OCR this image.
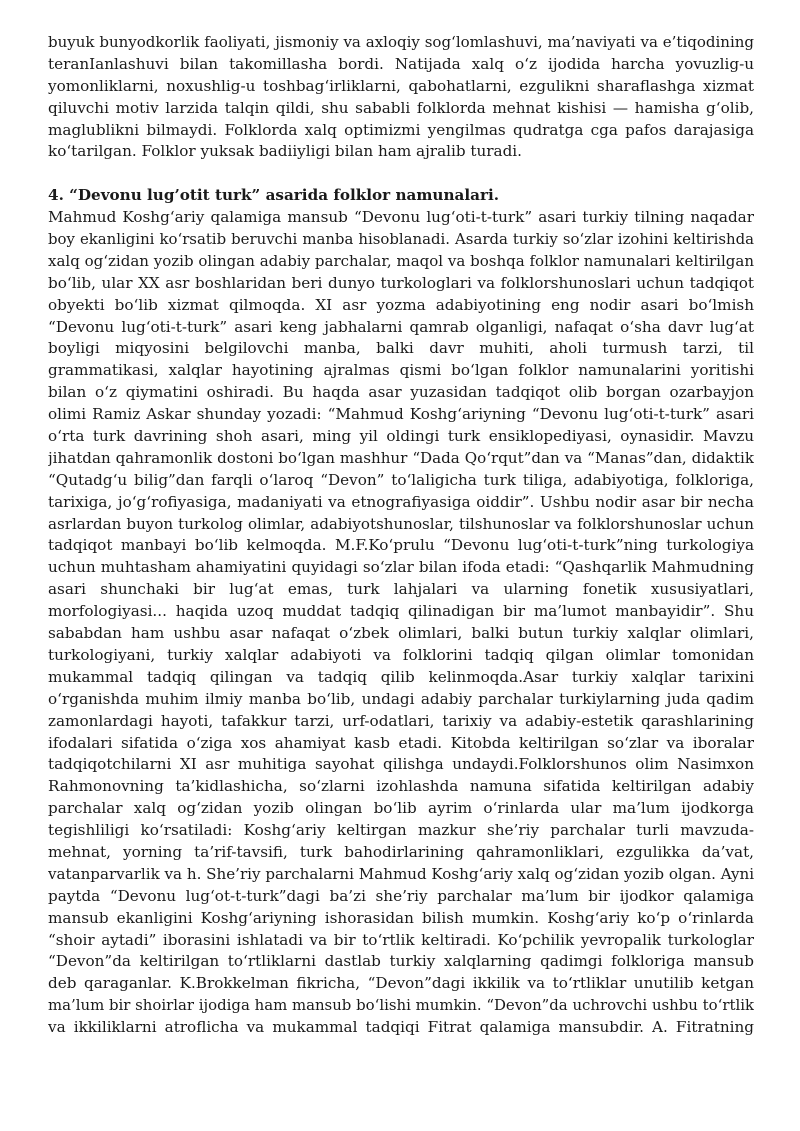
buyuk bunyodkorlik faoliyati, jismoniy va axloqiy sog‘lomlashuvi, ma’naviyati va e’tiqodining
teranIanlashuvi bilan takomillasha bordi. Natijada xalq o‘z ijodida harcha yovuzlig-u
yomonliklarni, noxushlig-u toshbag‘irliklarni, qabohatlarni, ezgulikni sharaflashga xizmat
qiluvchi motiv larzida talqin qildi, shu sababli folklorda mehnat kishisi — hamisha g‘olib,
maglublikni bilmaydi. Folklorda xalq optimizmi yengilmas qudratga cga pafos darajasiga
ko‘tarilgan. Folklor yuksak badiiyligi bilan ham ajralib turadi.
4. “Devonu lug’otit turk” asarida folklor namunalari.
Mahmud Koshg‘ariy qalamiga mansub “Devonu lug‘oti-t-turk” asari turkiy tilning naqadar
boy ekanligini ko‘rsatib beruvchi manba hisoblanadi. Asarda turkiy so‘zlar izohini keltirishda
xalq og‘zidan yozib olingan adabiy parchalar, maqol va boshqa folklor namunalari keltirilgan
bo‘lib, ular XX asr boshlaridan beri dunyo turkologlari va folklorshunoslari uchun tadqiqot
obyekti bo‘lib xizmat qilmoqda. XI asr yozma adabiyotining eng nodir asari bo‘lmish
“Devonu lug‘oti-t-turk” asari keng jabhalarni qamrab olganligi, nafaqat o‘sha davr lug‘at
boyligi miqyosini belgilovchi manba, balki davr muhiti, aholi turmush tarzi, til
grammatikasi, xalqlar hayotining ajralmas qismi bo‘lgan folklor namunalarini yoritishi
bilan o‘z qiymatini oshiradi. Bu haqda asar yuzasidan tadqiqot olib borgan ozarbayjon
olimi Ramiz Askar shunday yozadi: “Mahmud Koshg‘ariyning “Devonu lug‘oti-t-turk” asari
o‘rta turk davrining shoh asari, ming yil oldingi turk ensiklopediyasi, oynasidir. Mavzu
jihatdan qahramonlik dostoni bo‘lgan mashhur “Dada Qo‘rqut”dan va “Manas”dan, didaktik
“Qutadg‘u bilig”dan farqli o‘laroq “Devon” to‘laligicha turk tiliga, adabiyotiga, folkloriga,
tarixiga, jo‘g‘rofiyasiga, madaniyati va etnografiyasiga oiddir”. Ushbu nodir asar bir necha
asrlardan buyon turkolog olimlar, adabiyotshunoslar, tilshunoslar va folklorshunoslar uchun
tadqiqot manbayi bo‘lib kelmoqda. M.F.Ko‘prulu “Devonu lug‘oti-t-turk”ning turkologiya
uchun muhtasham ahamiyatini quyidagi so‘zlar bilan ifoda etadi: “Qashqarlik Mahmudning
asari shunchaki bir lug‘at emas, turk lahjalari va ularning fonetik xususiyatlari,
morfologiyasi... haqida uzoq muddat tadqiq qilinadigan bir ma’lumot manbayidir”. Shu
sababdan ham ushbu asar nafaqat o‘zbek olimlari, balki butun turkiy xalqlar olimlari,
turkologiyani, turkiy xalqlar adabiyoti va folklorini tadqiq qilgan olimlar tomonidan
mukammal tadqiq qilingan va tadqiq qilib kelinmoqda.Asar turkiy xalqlar tarixini
o‘rganishda muhim ilmiy manba bo‘lib, undagi adabiy parchalar turkiylarning juda qadim
zamonlardagi hayoti, tafakkur tarzi, urf-odatlari, tarixiy va adabiy-estetik qarashlarining
ifodalari sifatida o‘ziga xos ahamiyat kasb etadi. Kitobda keltirilgan so‘zlar va iboralar
tadqiqotchilarni XI asr muhitiga sayohat qilishga undaydi.Folklorshunos olim Nasimxon
Rahmonovning ta’kidlashicha, so‘zlarni izohlashda namuna sifatida keltirilgan adabiy
parchalar xalq og‘zidan yozib olingan bo‘lib ayrim o‘rinlarda ular ma’lum ijodkorga
tegishliligi ko‘rsatiladi: Koshg‘ariy keltirgan mazkur she’riy parchalar turli mavzuda-
mehnat, yorning ta’rif-tavsifi, turk bahodirlarining qahramonliklari, ezgulikka da’vat,
vatanparvarlik va h. She’riy parchalarni Mahmud Koshg‘ariy xalq og‘zidan yozib olgan. Ayni
paytda “Devonu lug‘ot-t-turk”dagi ba’zi she’riy parchalar ma’lum bir ijodkor qalamiga
mansub ekanligini Koshg‘ariyning ishorasidan bilish mumkin. Koshg‘ariy ko‘p o‘rinlarda
“shoir aytadi” iborasini ishlatadi va bir to‘rtlik keltiradi. Ko‘pchilik yevropalik turkologlar
“Devon”da keltirilgan to‘rtliklarni dastlab turkiy xalqlarning qadimgi folkloriga mansub
deb qaraganlar. K.Brokkelman fikricha, “Devon”dagi ikkilik va to‘rtliklar unutilib ketgan
ma’lum bir shoirlar ijodiga ham mansub bo‘lishi mumkin. “Devon”da uchrovchi ushbu to‘rtlik
va ikkiliklarni atroflicha va mukammal tadqiqi Fitrat qalamiga mansubdir. A. Fitratning
